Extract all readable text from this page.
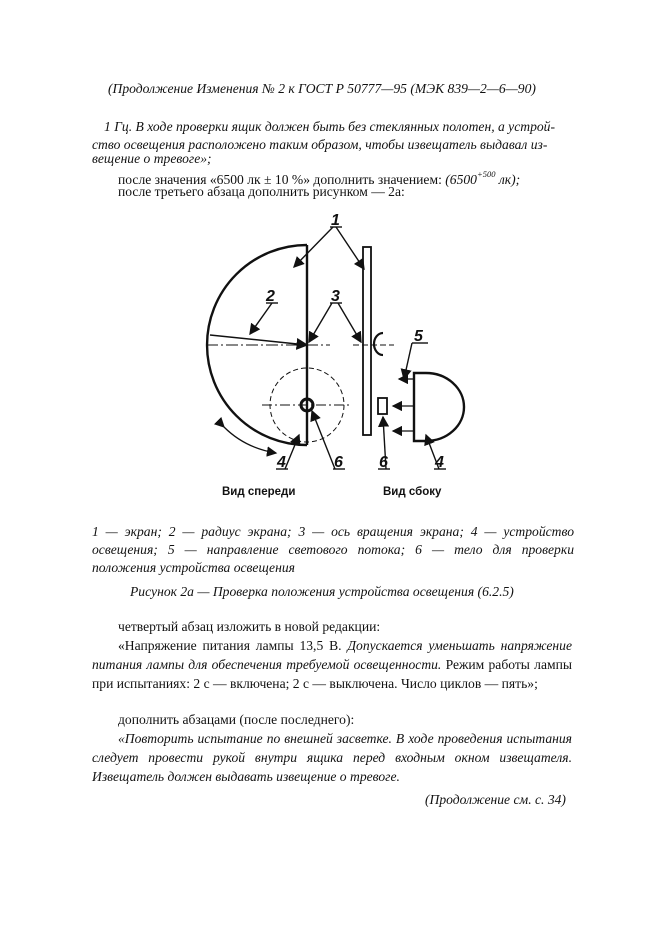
(Продолжение Изменения № 2 к ГОСТ Р 50777—95 (МЭК 839—2—6—90)
1 Гц. В ходе проверки ящик должен быть без стеклянных полотен, а устрой-
ство освещения расположено таким образом, чтобы извещатель выдавал из-
вещение о тревоге»;
после значения «6500 лк ± 10 %» дополнить значением: ($6500^{+500}$ лк);
после третьего абзаца дополнить рисунком — 2а:
1
2	3
5
4	6 6	4
Вид спереди	Вид сбоку
1 — экран; 2 — радиус экрана; 3 — ось вращения экрана; 4 — устройство освещения; 5 — направление светового потока; 6 — тело для проверки положения устройства освещения
Рисунок 2а — Проверка положения устройства освещения (6.2.5)
четвертый абзац изложить в новой редакции:
«Напряжение питания лампы 13,5 В. Допускается уменьшать напряжение питания лампы для обеспечения требуемой освещенности. Режим работы лампы при испытаниях: 2 с — включена; 2 с — выключена. Число циклов — пять»;
дополнить абзацами (после последнего):
«Повторить испытание по внешней засветке. В ходе проведения испытания следует провести рукой внутри ящика перед входным окном извещателя. Извещатель должен выдавать извещение о тревоге.
(Продолжение см. с. 34)
